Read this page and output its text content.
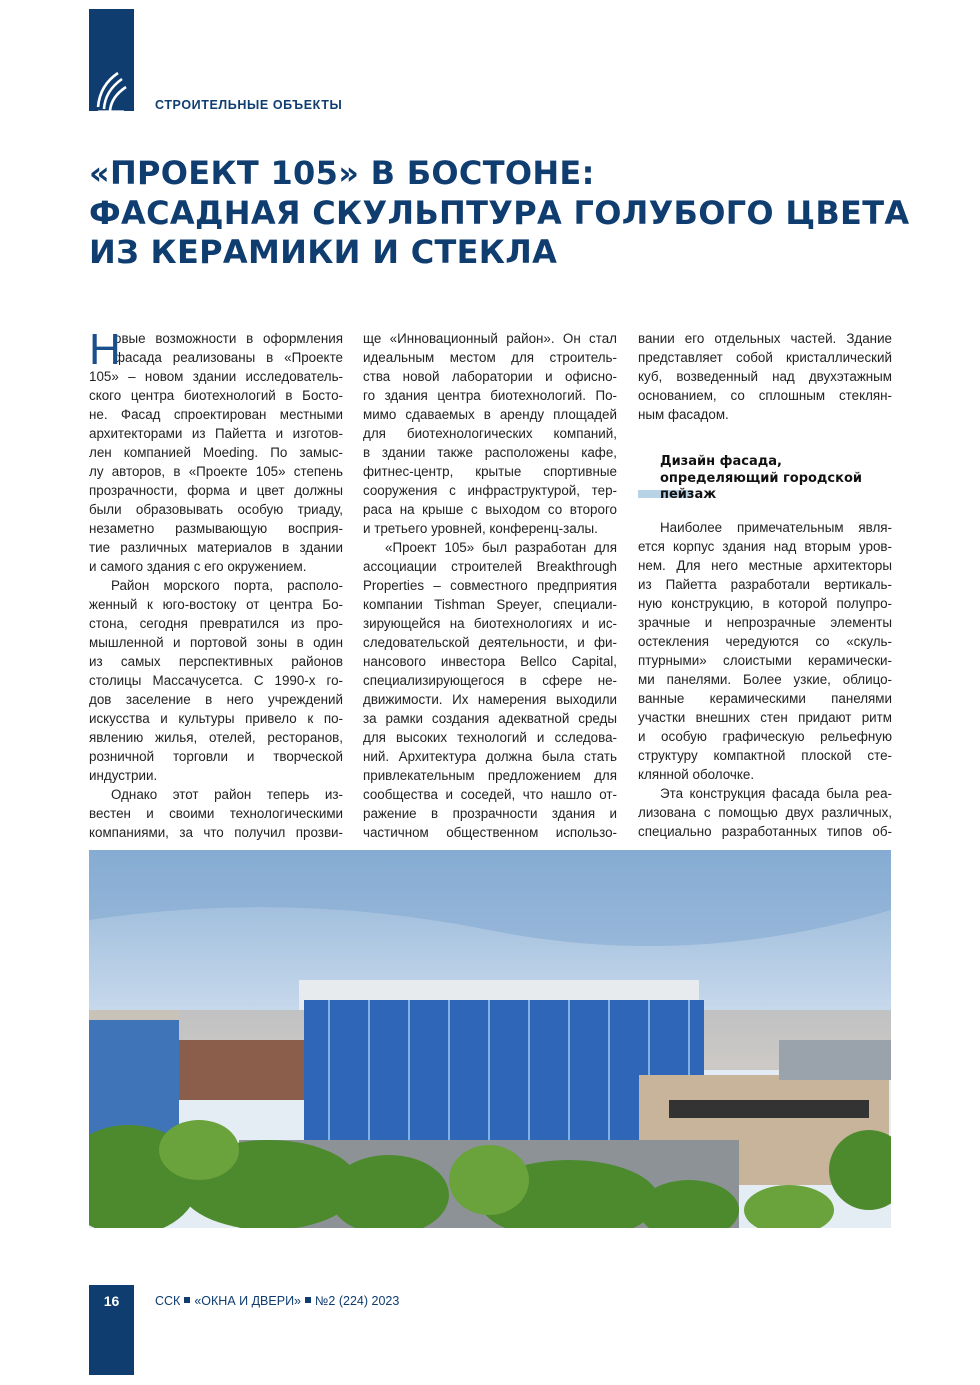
СТРОИТЕЛЬНЫЕ ОБЪЕКТЫ
«ПРОЕКТ 105» В БОСТОНЕ:
ФАСАДНАЯ СКУЛЬПТУРА ГОЛУБОГО ЦВЕТА
ИЗ КЕРАМИКИ И СТЕКЛА
Н
овые возможности в оформления
фасада реализованы в «Проекте
105» – новом здании исследователь-
ского центра биотехнологий в Босто-
не. Фасад спроектирован местными
архитекторами из Пайетта и изготов-
лен компанией Moeding. По замыс-
лу авторов, в «Проекте 105» степень
прозрачности, форма и цвет должны
были образовывать особую триаду,
незаметно размывающую восприя-
тие различных материалов в здании
и самого здания с его окружением.
Район морского порта, располо-
женный к юго-востоку от центра Бо-
стона, сегодня превратился из про-
мышленной и портовой зоны в один
из самых перспективных районов
столицы Массачусетса. С 1990-х го-
дов заселение в него учреждений
искусства и культуры привело к по-
явлению жилья, отелей, ресторанов,
розничной торговли и творческой
индустрии.
Однако этот район теперь из-
вестен и своими технологическими
компаниями, за что получил прозви-
ще «Инновационный район». Он стал
идеальным местом для строитель-
ства новой лаборатории и офисно-
го здания центра биотехнологий. По-
мимо сдаваемых в аренду площадей
для биотехнологических компаний,
в здании также расположены кафе,
фитнес-центр, крытые спортивные
сооружения с инфраструктурой, тер-
раса на крыше с выходом со второго
и третьего уровней, конференц-залы.
«Проект 105» был разработан для
ассоциации строителей Breakthrough
Properties – совместного предприятия
компании Tishman Speyer, специали-
зирующейся на биотехнологиях и ис-
следовательской деятельности, и фи-
нансового инвестора Bellco Capital,
специализирующегося в сфере не-
движимости. Их намерения выходили
за рамки создания адекватной среды
для высоких технологий и сследова-
ний. Архитектура должна была стать
привлекательным предложением для
сообщества и соседей, что нашло от-
ражение в прозрачности здания и
частичном общественном использо-
вании его отдельных частей. Здание
представляет собой кристаллический
куб, возведенный над двухэтажным
основанием, со сплошным стеклян-
ным фасадом.
Дизайн фасада,
определяющий городской
пейзаж
Наиболее примечательным явля-
ется корпус здания над вторым уров-
нем. Для него местные архитекторы
из Пайетта разработали вертикаль-
ную конструкцию, в которой полупро-
зрачные и непрозрачные элементы
остекления чередуются со «скуль-
птурными» слоистыми керамически-
ми панелями. Более узкие, облицо-
ванные керамическими панелями
участки внешних стен придают ритм
и особую графическую рельефную
структуру компактной плоской сте-
клянной оболочке.
Эта конструкция фасада была реа-
лизована с помощью двух различных,
специально разработанных типов об-
16	ССК «ОКНА И ДВЕРИ» №2 (224) 2023
